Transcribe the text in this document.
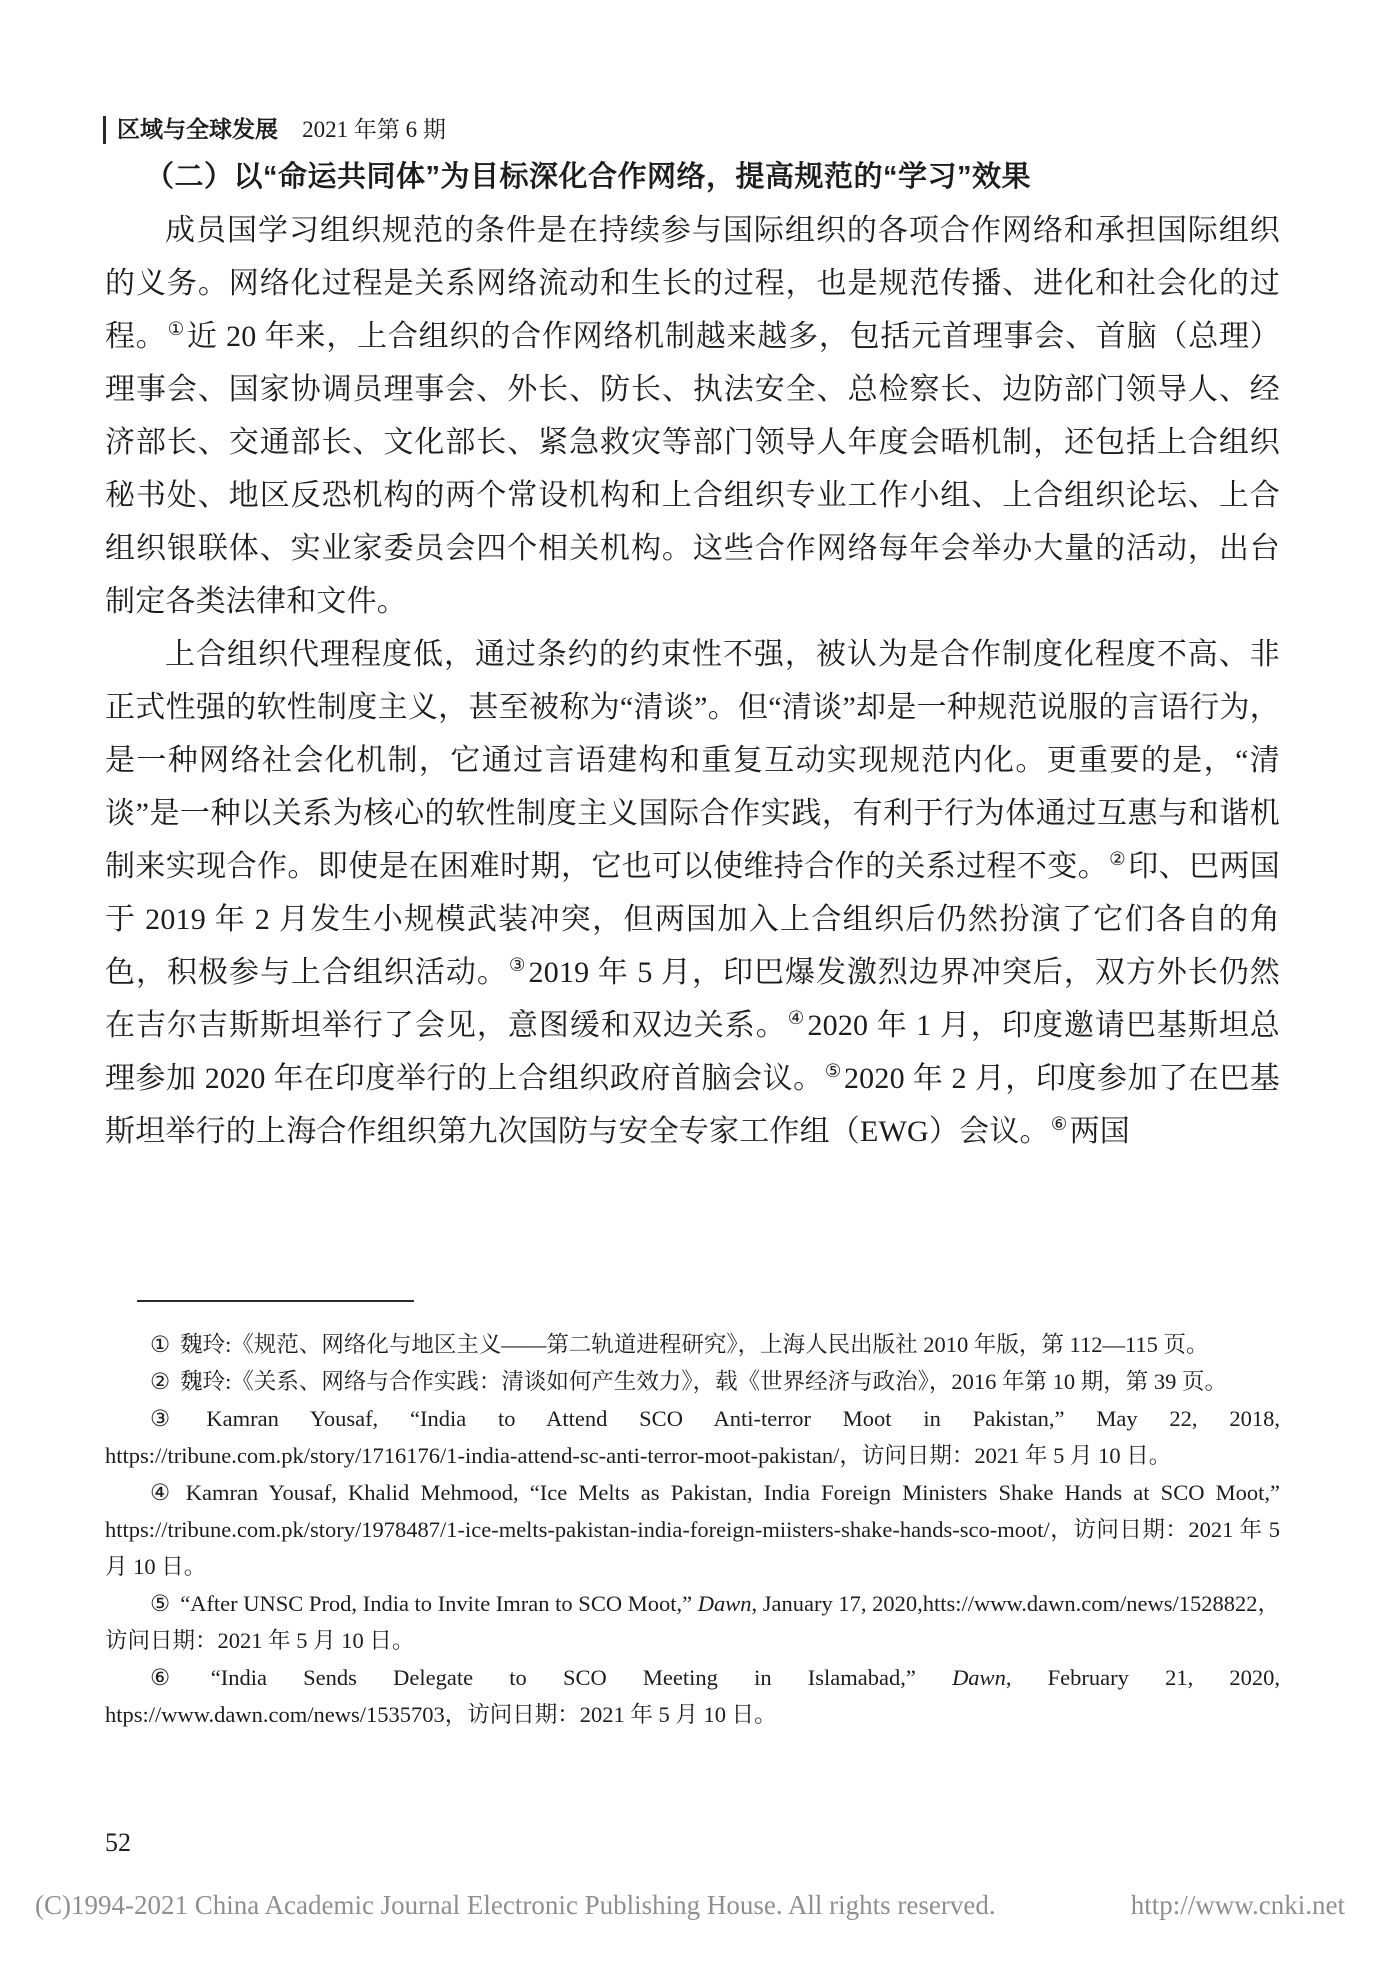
区域与全球发展 2021 年第 6 期
（二）以“命运共同体”为目标深化合作网络，提高规范的“学习”效果

成员国学习组织规范的条件是在持续参与国际组织的各项合作网络和承担国际组织的义务。网络化过程是关系网络流动和生长的过程，也是规范传播、进化和社会化的过程。①近 20 年来，上合组织的合作网络机制越来越多，包括元首理事会、首脑（总理）理事会、国家协调员理事会、外长、防长、执法安全、总检察长、边防部门领导人、经济部长、交通部长、文化部长、紧急救灾等部门领导人年度会晤机制，还包括上合组织秘书处、地区反恐机构的两个常设机构和上合组织专业工作小组、上合组织论坛、上合组织银联体、实业家委员会四个相关机构。这些合作网络每年会举办大量的活动，出台制定各类法律和文件。

上合组织代理程度低，通过条约的约束性不强，被认为是合作制度化程度不高、非正式性强的软性制度主义，甚至被称为“清谈”。但“清谈”却是一种规范说服的言语行为，是一种网络社会化机制，它通过言语建构和重复互动实现规范内化。更重要的是，“清谈”是一种以关系为核心的软性制度主义国际合作实践，有利于行为体通过互惠与和谐机制来实现合作。即使是在困难时期，它也可以使维持合作的关系过程不变。②印、巴两国于 2019 年 2 月发生小规模武装冲突，但两国加入上合组织后仍然扮演了它们各自的角色，积极参与上合组织活动。③2019 年 5 月，印巴爆发激烈边界冲突后，双方外长仍然在吉尔吉斯斯坦举行了会见，意图缓和双边关系。④2020 年 1 月，印度邀请巴基斯坦总理参加 2020 年在印度举行的上合组织政府首脑会议。⑤2020 年 2 月，印度参加了在巴基斯坦举行的上海合作组织第九次国防与安全专家工作组（EWG）会议。⑥两国

① 魏玲:《规范、网络化与地区主义——第二轨道进程研究》，上海人民出版社 2010 年版，第 112—115 页。

② 魏玲:《关系、网络与合作实践：清谈如何产生效力》，载《世界经济与政治》，2016 年第 10 期，第 39 页。

③ Kamran Yousaf, “India to Attend SCO Anti-terror Moot in Pakistan,” May 22, 2018, https://tribune.com.pk/story/1716176/1-india-attend-sc-anti-terror-moot-pakistan/，访问日期：2021 年 5 月 10 日。

④ Kamran Yousaf, Khalid Mehmood, “Ice Melts as Pakistan, India Foreign Ministers Shake Hands at SCO Moot,” https://tribune.com.pk/story/1978487/1-ice-melts-pakistan-india-foreign-miisters-shake-hands-sco-moot/，访问日期：2021 年 5 月 10 日。

⑤ “After UNSC Prod, India to Invite Imran to SCO Moot,” Dawn, January 17, 2020,htts://www.dawn.com/news/1528822，访问日期：2021 年 5 月 10 日。

⑥ “India Sends Delegate to SCO Meeting in Islamabad,” Dawn, February 21, 2020, htps://www.dawn.com/news/1535703，访问日期：2021 年 5 月 10 日。

52
(C)1994-2021 China Academic Journal Electronic Publishing House. All rights reserved.	http://www.cnki.net
